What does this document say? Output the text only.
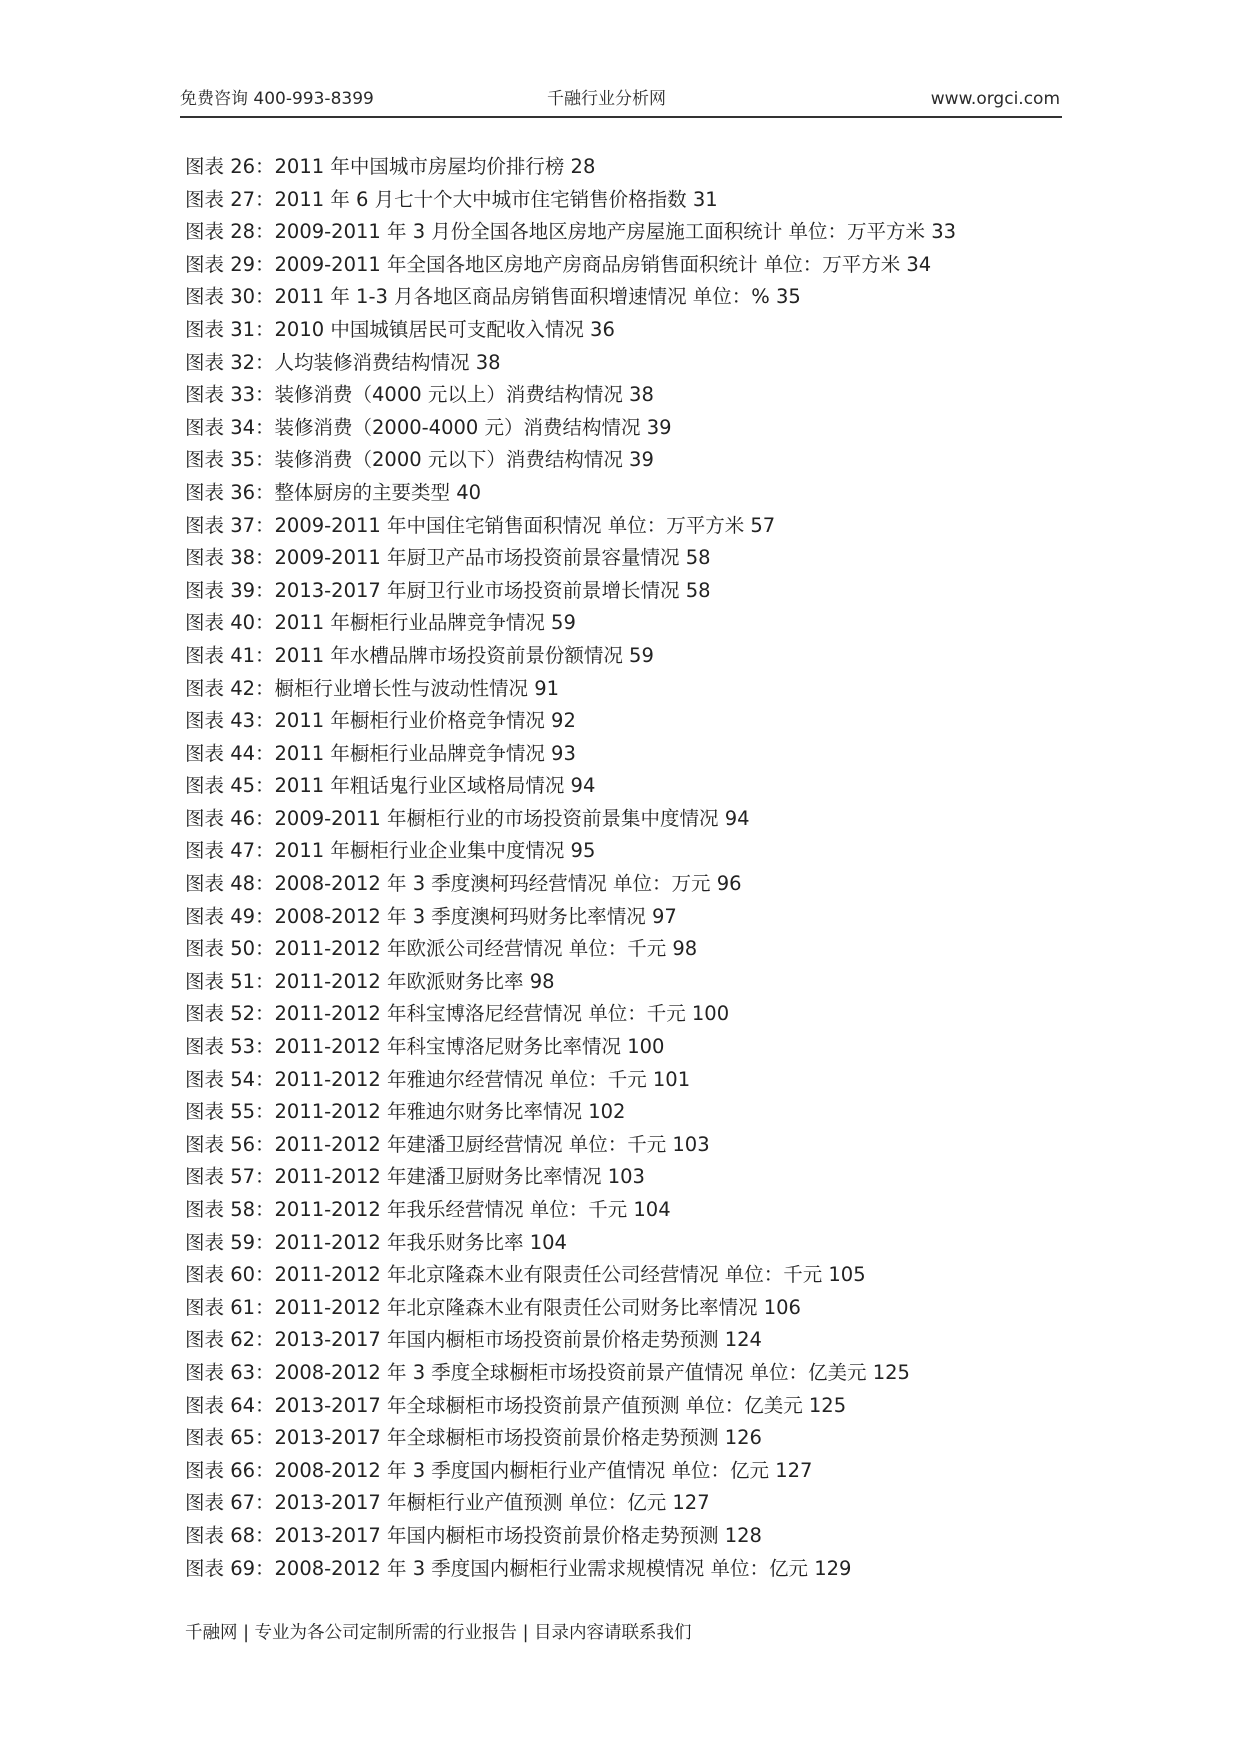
免费咨询 400-993-8399	千融行业分析网	www.orgci.com
图表 26：2011 年中国城市房屋均价排行榜 28
图表 27：2011 年 6 月七十个大中城市住宅销售价格指数 31
图表 28：2009-2011 年 3 月份全国各地区房地产房屋施工面积统计 单位：万平方米 33
图表 29：2009-2011 年全国各地区房地产房商品房销售面积统计 单位：万平方米 34
图表 30：2011 年 1-3 月各地区商品房销售面积增速情况 单位：% 35
图表 31：2010 中国城镇居民可支配收入情况 36
图表 32：人均装修消费结构情况 38
图表 33：装修消费（4000 元以上）消费结构情况 38
图表 34：装修消费（2000-4000 元）消费结构情况 39
图表 35：装修消费（2000 元以下）消费结构情况 39
图表 36：整体厨房的主要类型 40
图表 37：2009-2011 年中国住宅销售面积情况 单位：万平方米 57
图表 38：2009-2011 年厨卫产品市场投资前景容量情况 58
图表 39：2013-2017 年厨卫行业市场投资前景增长情况 58
图表 40：2011 年橱柜行业品牌竞争情况 59
图表 41：2011 年水槽品牌市场投资前景份额情况 59
图表 42：橱柜行业增长性与波动性情况 91
图表 43：2011 年橱柜行业价格竞争情况 92
图表 44：2011 年橱柜行业品牌竞争情况 93
图表 45：2011 年粗话鬼行业区域格局情况 94
图表 46：2009-2011 年橱柜行业的市场投资前景集中度情况 94
图表 47：2011 年橱柜行业企业集中度情况 95
图表 48：2008-2012 年 3 季度澳柯玛经营情况 单位：万元 96
图表 49：2008-2012 年 3 季度澳柯玛财务比率情况 97
图表 50：2011-2012 年欧派公司经营情况 单位：千元 98
图表 51：2011-2012 年欧派财务比率 98
图表 52：2011-2012 年科宝博洛尼经营情况 单位：千元 100
图表 53：2011-2012 年科宝博洛尼财务比率情况 100
图表 54：2011-2012 年雅迪尔经营情况 单位：千元 101
图表 55：2011-2012 年雅迪尔财务比率情况 102
图表 56：2011-2012 年建潘卫厨经营情况 单位：千元 103
图表 57：2011-2012 年建潘卫厨财务比率情况 103
图表 58：2011-2012 年我乐经营情况 单位：千元 104
图表 59：2011-2012 年我乐财务比率 104
图表 60：2011-2012 年北京隆森木业有限责任公司经营情况 单位：千元 105
图表 61：2011-2012 年北京隆森木业有限责任公司财务比率情况 106
图表 62：2013-2017 年国内橱柜市场投资前景价格走势预测 124
图表 63：2008-2012 年 3 季度全球橱柜市场投资前景产值情况 单位：亿美元 125
图表 64：2013-2017 年全球橱柜市场投资前景产值预测 单位：亿美元 125
图表 65：2013-2017 年全球橱柜市场投资前景价格走势预测 126
图表 66：2008-2012 年 3 季度国内橱柜行业产值情况 单位：亿元 127
图表 67：2013-2017 年橱柜行业产值预测 单位：亿元 127
图表 68：2013-2017 年国内橱柜市场投资前景价格走势预测 128
图表 69：2008-2012 年 3 季度国内橱柜行业需求规模情况 单位：亿元 129
千融网 | 专业为各公司定制所需的行业报告 | 目录内容请联系我们
